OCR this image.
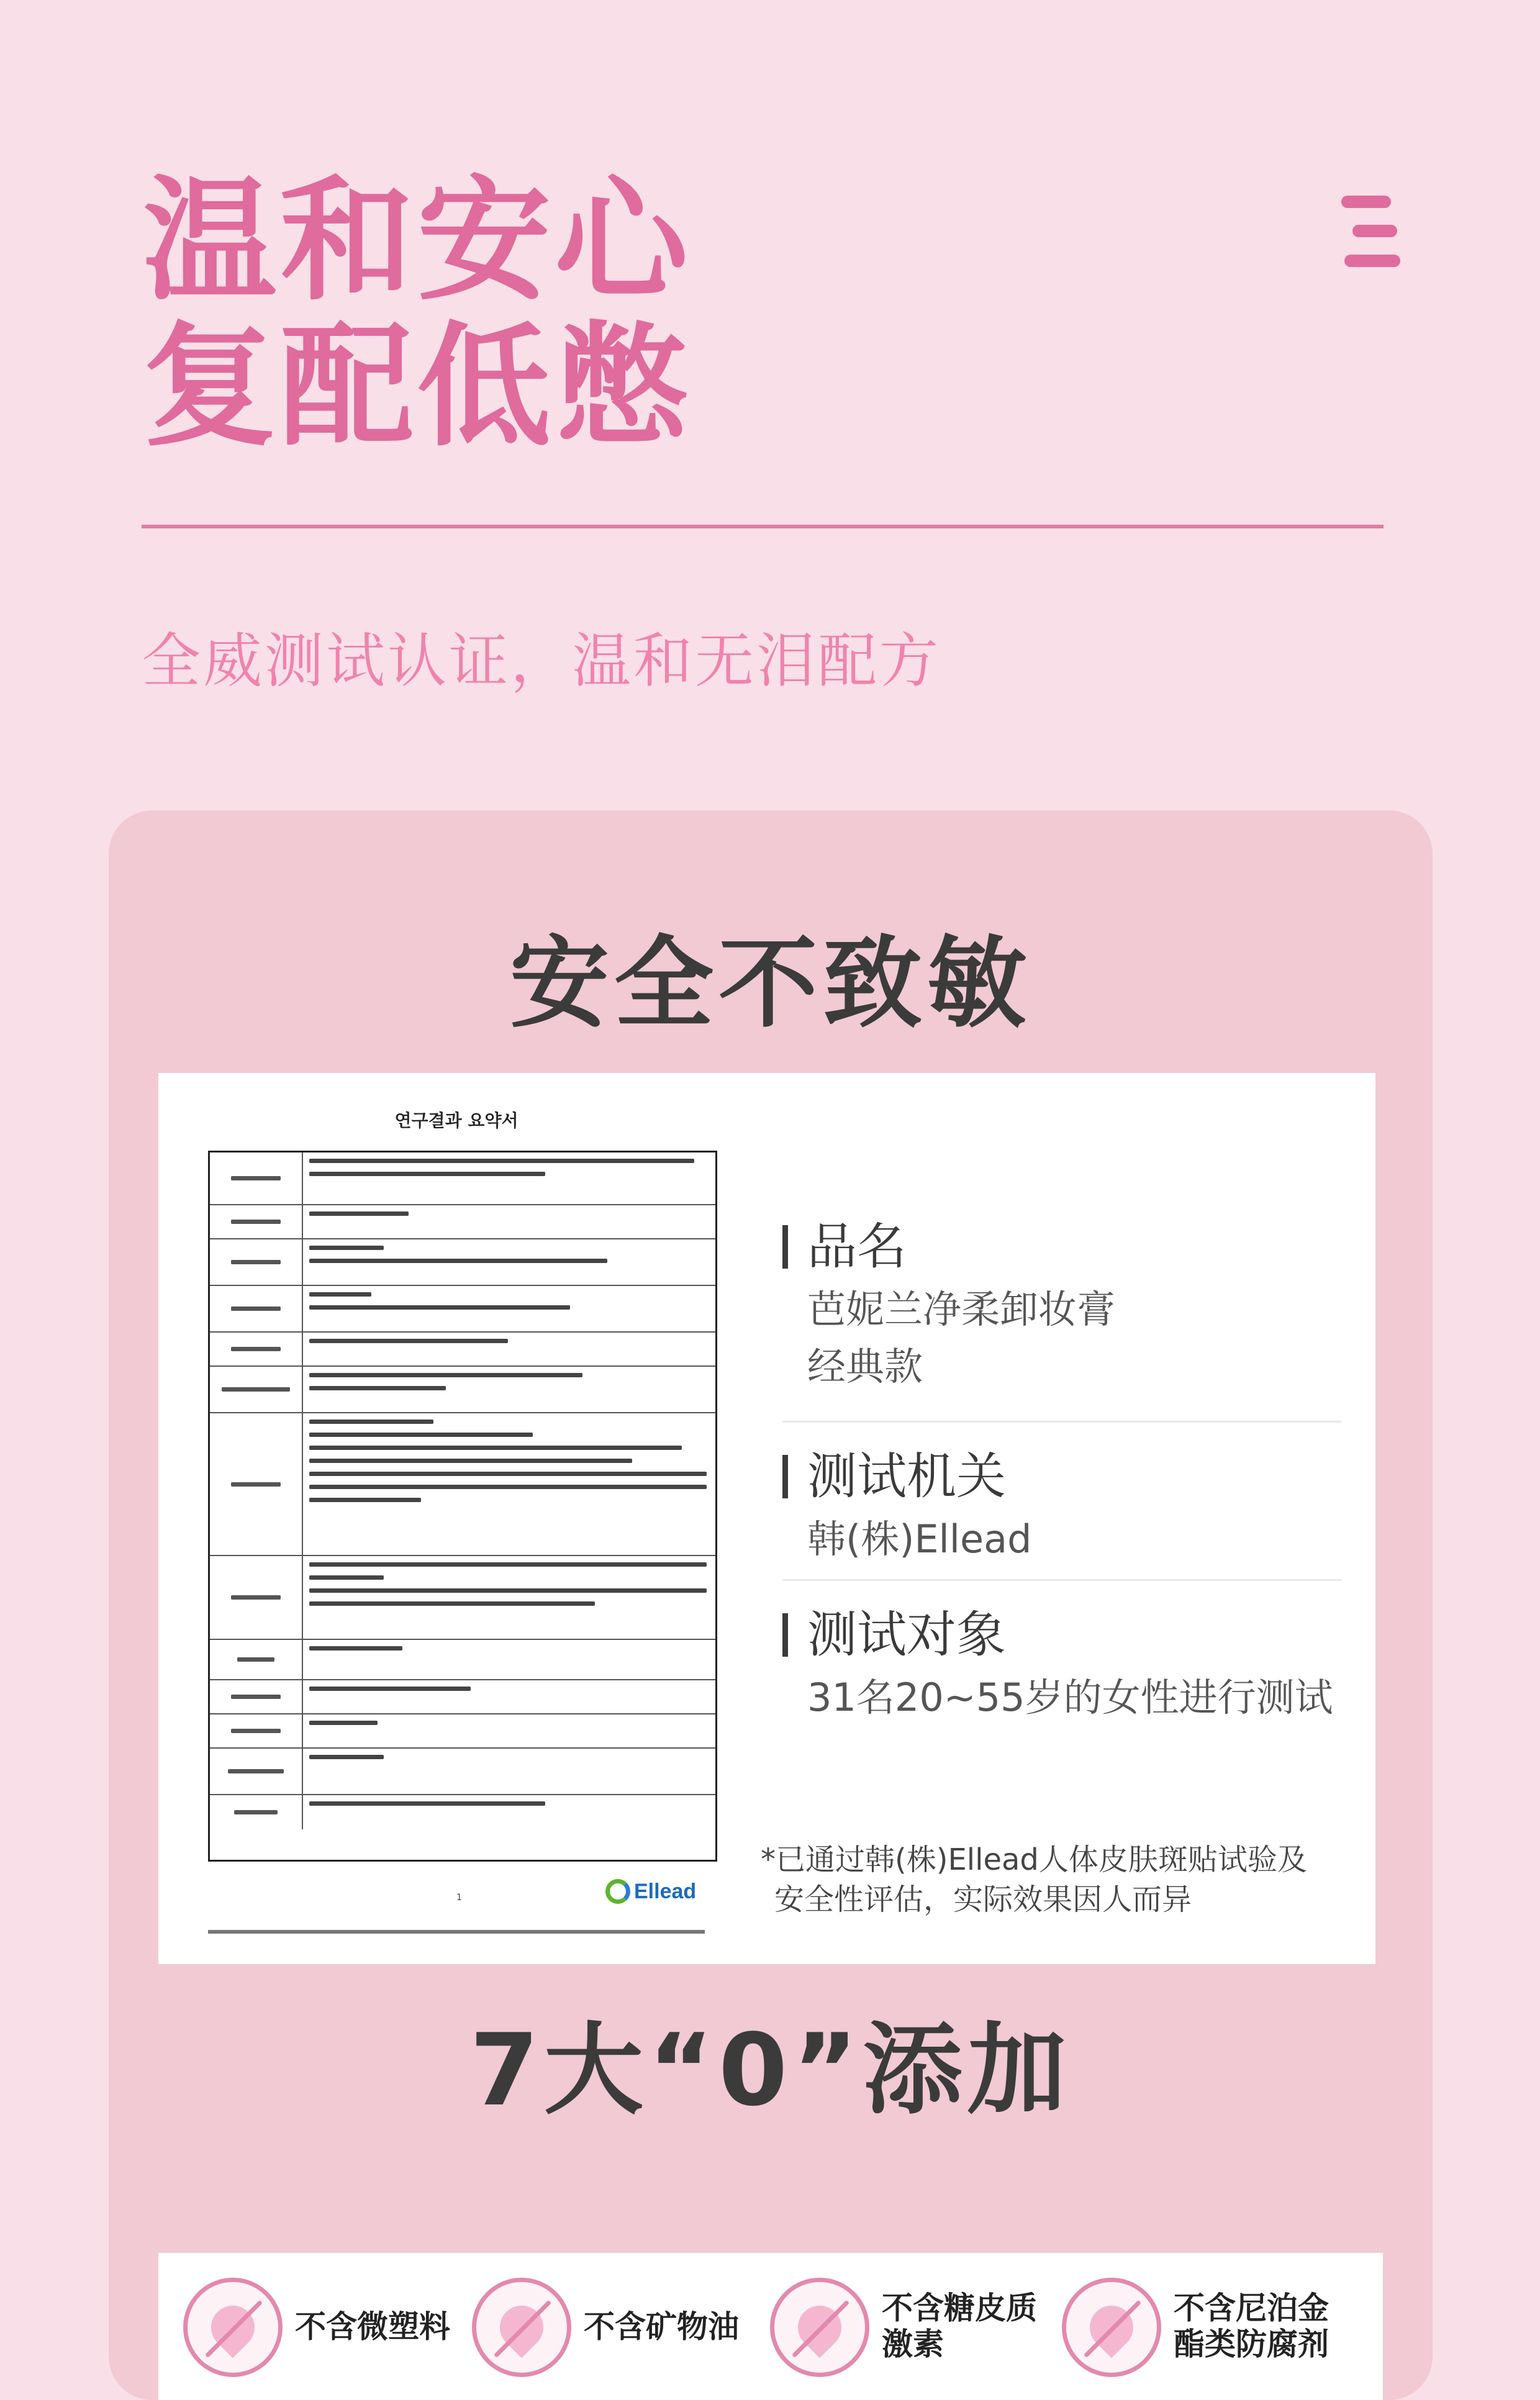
温和安心
复配低憋

全威测试认证，温和无泪配方

安全不致敏
연구결과 요약서
1	Ellead
品名
芭妮兰净柔卸妆膏
经典款
测试机关
韩(株)Ellead
测试对象
31名20~55岁的女性进行测试
*已通过韩(株)Ellead人体皮肤斑贴试验及
安全性评估，实际效果因人而异
7大“0”添加
不含微塑料	不含矿物油
不含糖皮质
激素
不含尼泊金
酯类防腐剂
